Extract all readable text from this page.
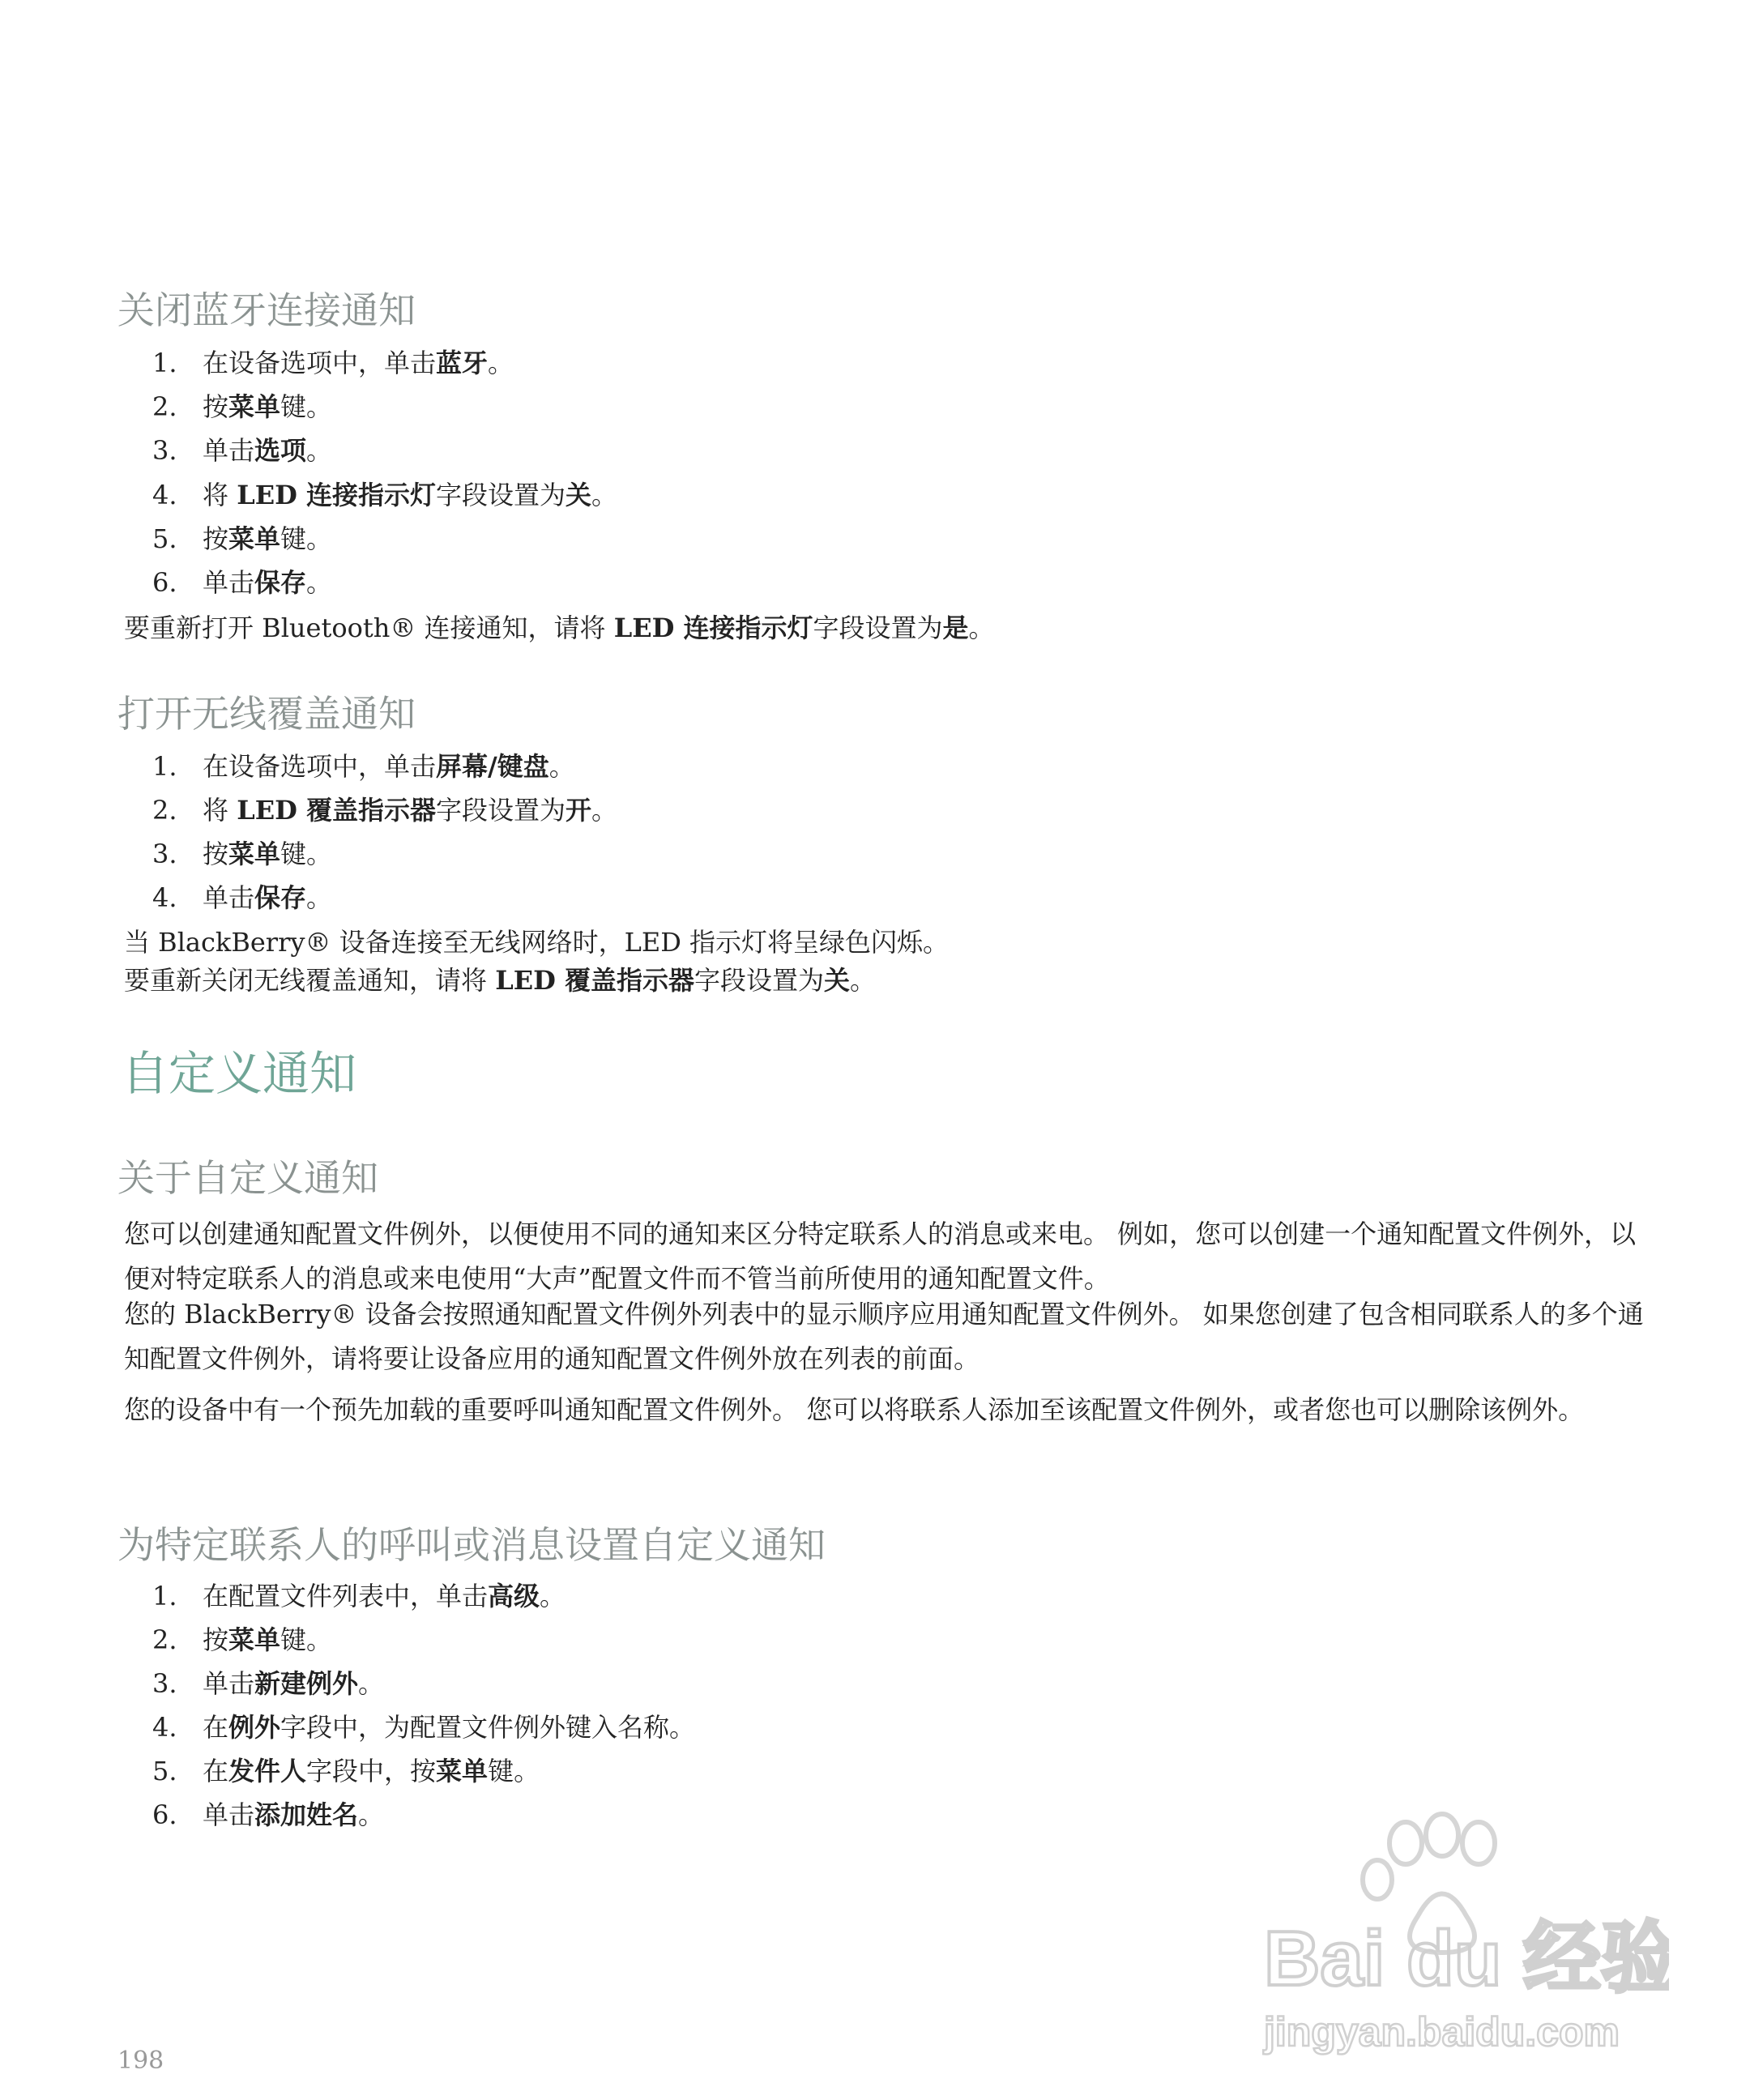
关闭蓝牙连接通知
1. 在设备选项中，单击蓝牙。
2. 按菜单键。
3. 单击选项。
4. 将 LED 连接指示灯字段设置为关。
5. 按菜单键。
6. 单击保存。
要重新打开 Bluetooth® 连接通知，请将 LED 连接指示灯字段设置为是。
打开无线覆盖通知
1. 在设备选项中，单击屏幕/键盘。
2. 将 LED 覆盖指示器字段设置为开。
3. 按菜单键。
4. 单击保存。
当 BlackBerry® 设备连接至无线网络时，LED 指示灯将呈绿色闪烁。
要重新关闭无线覆盖通知，请将 LED 覆盖指示器字段设置为关。
自定义通知
关于自定义通知

您可以创建通知配置文件例外，以便使用不同的通知来区分特定联系人的消息或来电。 例如，您可以创建一个通知配置文件例外，以便对特定联系人的消息或来电使用“大声”配置文件而不管当前所使用的通知配置文件。

您的 BlackBerry® 设备会按照通知配置文件例外列表中的显示顺序应用通知配置文件例外。 如果您创建了包含相同联系人的多个通知配置文件例外，请将要让设备应用的通知配置文件例外放在列表的前面。

您的设备中有一个预先加载的重要呼叫通知配置文件例外。 您可以将联系人添加至该配置文件例外，或者您也可以删除该例外。

为特定联系人的呼叫或消息设置自定义通知
1. 在配置文件列表中，单击高级。
2. 按菜单键。
3. 单击新建例外。
4. 在例外字段中，为配置文件例外键入名称。
5. 在发件人字段中，按菜单键。
6. 单击添加姓名。
Bai du 经验
jingyan.baidu.com
198
